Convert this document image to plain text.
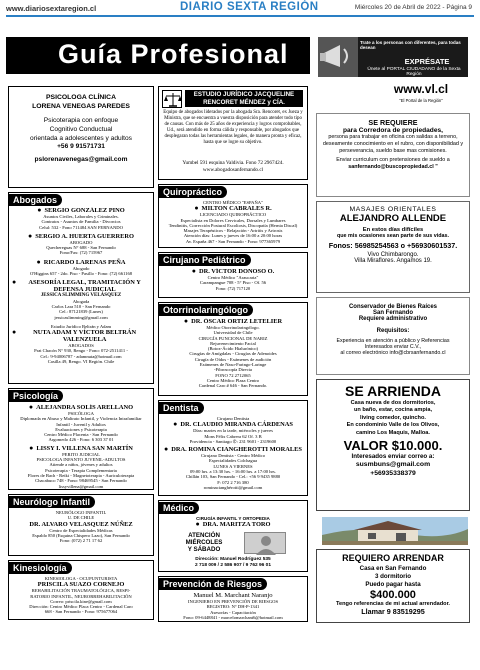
www.diariosextaregion.cl	DIARIO SEXTA REGIÓN	Miércoles 20 de Abril de 2022 - Página 9
Guía Profesional
PSICOLOGA CLÍNICA
LORENA VENEGAS PAREDES
Psicoterapia con enfoque
Cognitivo Conductual
orientada a adolescentes y adultos
+56 9 91571731
pslorenavenegas@gmail.com
Abogados
● SERGIO GONZÁLEZ PINO
Asuntos Civiles, Laborales y Criminales.
Contratos - Asuntos de Familia - Divorcios
Celul: 532 - Fono 711484 SAN FERNANDO
● SERGIO A. HUERTA GUERRERO
ABOGADO
Quechereguas N° 688 - San Fernando
Fono/Fax: (72) 715967
● RICARDO LARENAS PEÑA
Abogado
O'Higgins 657 - 2do. Piso - Pasillo - Fono: (72) 661168
●	ASESORÍA LEGAL, TRAMITACIÓN Y DEFENSA JUDICIAL
JESSICA SLIMMING VELÁSQUEZ
Abogada
Carlos Lara 510 - San Fernando
Cel.: 87121839 (Lunes)
jessicaslimming@gmail.com
Estudio Jurídico Beltrán y Adam
●	NUTA ADAM Y VÍCTOR BELTRÁN VALENZUELA
ABOGADOS
Prat Chacón N° 930, Rengo - Fono: 072-2511411 -
Cel.: 9-94006787 - adamnuta@hotmail.com
Casilla 49, Rengo. VI Región. Chile
Psicología
● ALEJANDRA SOLÍS ARELLANO
PSICÓLOGA
Diplomada en Abuso y Maltrato Infantil, y Violencia Intrafamiliar
Infantil - Juvenil y Adultos
Evaluaciones y Psicoterapia
Centro Médico Placenta - San Fernando
Argomedo 426 - Fono: 6 303 37 01
● LISSY I. VILLENA SAN MARTÍN
PERITO JUDICIAL
PSICOLOGA INFANTO JUVENIL-ADULTOS
Atiende a niños, jóvenes y adultos
Psicoterapia - Terapia Complementaria
Flores de Bach - Reiki - Magnetoterapia - Auriculoterapia
Chacabuco 748 - Fono: 98469545 - San Fernando
lissyvillena@gmail.com
Neurólogo Infantil
NEURÓLOGO INFANTIL
U. DE CHILE
DR. ALVARO VELASQUEZ NÚÑEZ
Centro de Especialidades Médicas
Espaldo 850 (Esquina Chispero Lazo), San Fernando
Fono: (072) 2 71 17 62
Kinesiología
KINESIOLOGA - OCUPUNTURISTA
PRISCILA SUAZO CORNEJO
REHABILITACIÓN TRAUMATOLÓGICA, RESPI-
RATORIO INFANTIL, NEURORREHABILITACIÓN
Correo: priscila.kine@gmail.com
Dirección: Centro Médico Placa Centro - Cardenal Caro
668 - San Fernando - Fono: 975677064
ESTUDIO JURÍDICO JACQUELINE RENCORET MÉNDEZ y CÍA.
Equipo de abogados liderados por la abogada Sra. Rencoret, ex Jueza y Ministra, que se encuentra a vuestra disposición para atender todo tipo de causas. Con más de 25 años de experiencia y logros comprobables, Ud., será atendido en forma cálida y responsable, por abogados que desplegaran todas las herramientas legales, de manera pronta y eficaz, hasta que se logre su objetivo.
Yumbel 591 esquina Valdivia. Fono 72 2967424.
www.abogadosanfernando.cl
Quiropráctico
CENTRO MÉDICO "ESPAÑA"
● MILTON CABRALES R.
LICENCIADO QUIROPRÁCTICO
Especialista en Dolores Cervicales, Dorsales y Lumbares
Tendinitis, Corrección Postural Escoliosis, Discopatía (Hernia Discal)
Masajes Terapéuticos - Relajación - Artritis y Artrosis
Atención días: Lunes y jueves de 16:00 a 20:00 horas
Av. España 467 - San Fernando - Fono: 977365979
Cirujano Pediátrico
● DR. VÍCTOR DONOSO O.
Centro Médico "Araucaria"
Carampangue 708 - 5° Piso - Of. 56
Fono: (72) 717120
Otorrinolaringólogo
● DR. ÓSCAR ORTIZ LETELIER
Médico Otorrinolaringólogo.
Universidad de Chile
CIRUGÍA FUNCIONAL DE NARIZ
Rejuvenecimiento Facial
(Botox-Ácido Hialurónico)
Cirugías de Amígdalas - Cirugías de Adenoides
Cirugía de Oídos - Exámenes de audición
Exámenes de Naso-Faringo-Laringe
-Fibroscopía Directa
FONO 72 2712065
Centro Médico Plaza Centro
Cardenal Caro # 646 - San Fernando.
Dentista
Cirujano Dentista
● DR. CLAUDIO MIRANDA CÁRDENAS
Días: martes en la tarde, miércoles y jueves
Mons Félix Cabrera 62 Of. 3 B
Providencia - Santiago ✆: 231 9601 - 2319600
● DRA. ROMINA CIANGHEROTTI MORALES
Cirujano Dentista - Centro Médico
Especialidades Colchagua
LUNES A VIERNES
09:00 hrs. a 13:30 hrs. - 16:00 hrs. a 17:00 hrs.
Chillán 103, San Fernando - Cel.: +56 9 9435 9880
F: 072 2 716 380
rominacianghérotti@gmail.com
Médico
CIRUGÍA INFANTIL Y ORTOPEDIA
● DRA. MARITZA TORO
ATENCIÓN
MIÉRCOLES
Y SÁBADO
Dirección: Manuel Rodríguez 535
2 718 009 / 2 586 907 / 9 762 96 01
Prevención de Riesgos
Manuel M. Marchant Naranjo
INGENIERO EN PREVENCIÓN DE RIESGOS
REGISTRO: N° DH-P-1341
Asesorías - Capacitación
Fono: 09-6448841 - marcelomarchant6@hotmail.com
Trate a los personas con diferentes, para todas desean
EXPRÉSATE
Únete al PORTAL CIUDADANO de la Sexta Región
www.vl.cl
"El Portal de la Región"
SE REQUIERE
para Corredora de propiedades,
persona para trabajar en oficina con salidas a terreno, deseamente conocimiento en el rubro, con disponibilidad y perseverancia, sueldo base mas comisiones.
Enviar curriculum con pretensiones de sueldo a
sanfernando@buscopropiedad.cl "
MASAJES ORIENTALES
ALEJANDRO ALLENDE
En estos días difíciles
que mis ocasiones sean parte de sus vidas.
Fonos: 56985254563 o +56930601537.
Vivo Chimbarongo.
Villa Miraflores. Angamos 19.
Conservador de Bienes Raíces
San Fernando
Requiere administrativo
Requisitos:
Experiencia en atención a público y Referencias
Interesados enviar C.V.,
al correo electrónico info@cbrsanfernando.cl
SE ARRIENDA
Casa nueva de dos dormitorios,
un baño, estar, cocina ampia,
living comedor, quincho.
En condominio Valle de los Olivos,
camino Los Maquis, Malloa.
VALOR $10.000.
Interesados enviar correo a:
susmbuns@gmail.com
+56935338379
REQUIERO ARRENDAR
Casa en San Fernando
3 dormitorio
Puedo pagar hasta
$400.000
Tengo referencias de mi actual arrendador.
Llamar 9 83519295
